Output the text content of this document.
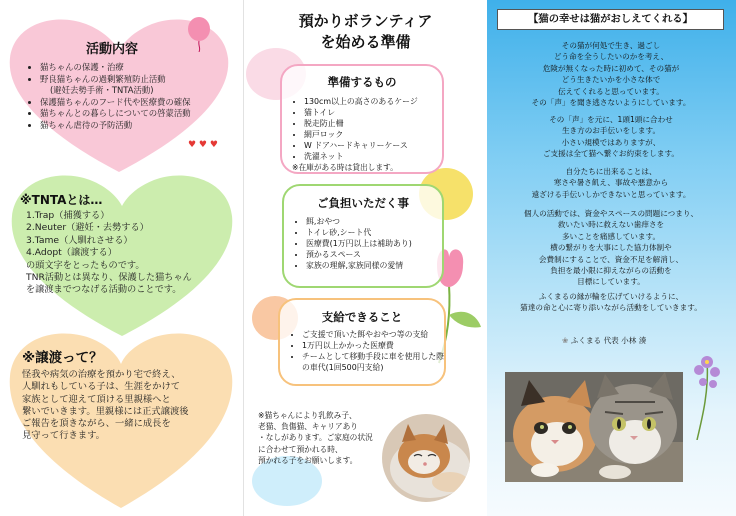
活動内容
• 猫ちゃんの保護・治療
• 野良猫ちゃんの過剰繁殖防止活動
(避妊去勢手術・TNTA活動)
• 保護猫ちゃんのフード代や医療費の確保
• 猫ちゃんとの暮らしについての啓蒙活動
• 猫ちゃん虐待の予防活動
♥ ♥ ♥
※TNTAとは…
1.Trap（捕獲する）
2.Neuter（避妊・去勢する）
3.Tame（人馴れさせる）
4.Adopt（譲渡する）
の頭文字をとったものです。
TNR活動とは異なり、保護した猫ちゃん
を譲渡までつなげる活動のことです。
※譲渡って？
怪我や病気の治療を預かり宅で終え、
人馴れもしている子は、生涯をかけて
家族として迎えて頂ける里親様へと
繋いでいきます。里親様には正式譲渡後
ご報告を頂きながら、一緒に成長を
見守って行きます。
預かりボランティア
を始める準備
準備するもの
• 130cm以上の高さのあるケージ
• 猫トイレ
• 脱走防止柵
• 網戸ロック
• W ドアハードキャリーケース
• 洗濯ネット
※在庫がある時は貸出します。
ご負担いただく事
• 餌,おやつ
• トイレ砂,シート代
• 医療費(1万円以上は補助あり)
• 預かるスペース
• 家族の理解,家族同様の愛情
支給できること
• ご支援で頂いた餌やおやつ等の支給
• 1万円以上かかった医療費
• チームとして移動手段に車を使用した際の車代(1回500円支給)
※猫ちゃんにより乳飲み子、
老猫、負傷猫、キャリアあり
・なしがあります。ご家庭の状況
に合わせて預かれる時、
預かれる子をお願いします。
【猫の幸せは猫がおしえてくれる】
その猫が何処で生き、過ごし
どう命を全うしたいのかを考え、
危険が無くなった時に初めて、その猫が
どう生きたいかを小さな体で
伝えてくれると思っています。
その「声」を聞き逃さないようにしています。
その「声」を元に、1頭1頭に合わせ
生き方のお手伝いをします。
小さい規模ではありますが、
ご支援は全て猫へ繋ぐお約束をします。
自分たちに出来ることは、
寒さや暑さ飢え、事故や悪意から
遠ざける手伝いしかできないと思っています。
個人の活動では、資金やスペースの問題につまり、
救いたい時に救えない歯痒さを
多いことを痛感しています。
横の繋がりを大事にした協力体制や
会費制にすることで、資金不足を解消し、
負担を最小限に抑えながらの活動を
目標にしています。
ふくまるの縁が輪を広げていけるように、
猫達の命と心に寄り添いながら活動をしていきます。
❀ ふくまる 代表 小林 湊
